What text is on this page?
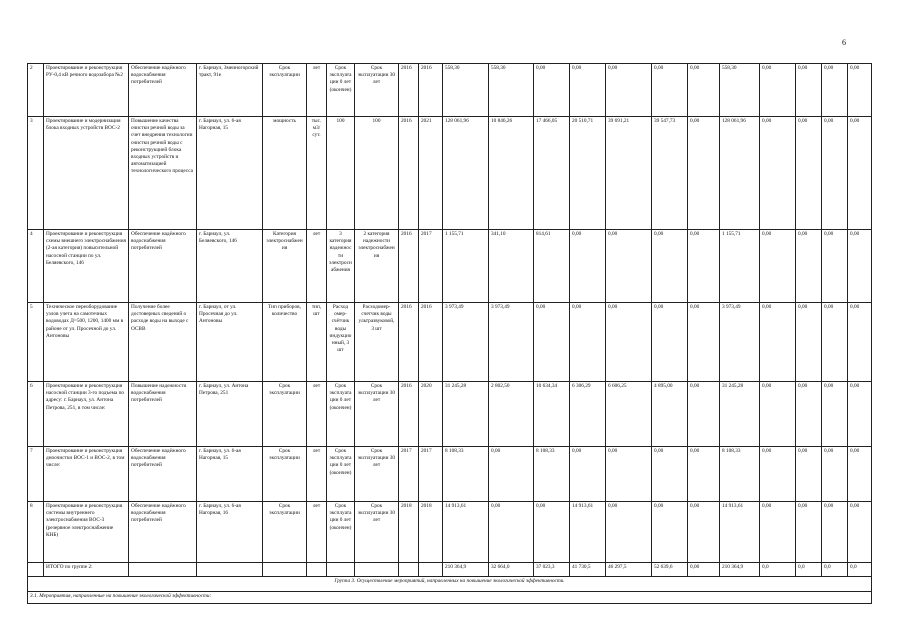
6
2	Проектирование и реконструкция РУ-0,4 кВ речного водозабора №2	Обеспечение надёжного водоснабжения потребителей	г. Барнаул, Змеиногорский тракт, 91е	Срок эксплуатации	лет	Срок эксплуатации 0 лет (окончен)	Срок эксплуатации 30 лет	2016	2016	558,30	558,30	0,00	0,00	0,00	0,00	0,00	558,30	0,00	0,00	0,00	0,00
3	Проектирование и модернизация блока входных устройств ВОС-2	Повышение качества очистки речной воды за счет внедрения технологии очистки речной воды с реконструкцией блока входных устройств и автоматизацией технологического процесса	г. Барнаул, ул. 6-ая Нагорная, 15	мощность	тыс. м3/сут.	100	100	2016	2021	128 061,96	10 846,26	17 466,05	20 510,71	39 691,21	39 547,73	0,00	128 061,96	0,00	0,00	0,00	0,00
4	Проектирование и реконструкция схемы внешнего электроснабжения (2-ая категория) повысительной насосной станции по ул. Беляевского, 146	Обеспечение надёжного водоснабжения потребителей	г. Барнаул, ул. Беляевского, 146	Категория электроснабжения	лет	3 категория надежности электроснабжения	2 категория надежности электроснабжения	2016	2017	1 155,71	341,10	814,61	0,00	0,00	0,00	0,00	1 155,71	0,00	0,00	0,00	0,00
5	Техническое переоборудование узлов учета на самотечных водоводах Д=500, 1200, 1400 мм в районе от ул. Просечной до ул. Антоновы	Получение более достоверных сведений о расходе воды на выходе с ОСВВ	г. Барнаул, от ул. Просечная до ул. Антоновы	Тип приборов, количество	тип, шт	Расход омер-счётчик воды индукционный, 3 шт	Расходомер-счетчик воды ультразвуковой, 3 шт	2016	2016	3 973,49	3 973,49	0,00	0,00	0,00	0,00	0,00	3 973,49	0,00	0,00	0,00	0,00
6	Проектирование и реконструкция насосной станции 3-го подъема по адресу: г. Барнаул, ул. Антона Петрова, 251, в том числе:	Повышение надежности водоснабжения потребителей	г. Барнаул, ул. Антона Петрова, 251	Срок эксплуатации	лет	Срок эксплуатации 0 лет (окончен)	Срок эксплуатации 30 лет	2016	2020	31 245,28	2 802,50	10 634,34	6 306,29	6 606,25	4 895,00	0,00	31 245,28	0,00	0,00	0,00	0,00
7	Проектирование и реконструкция дноочистки ВОС-1 и ВОС-2, в том числе:	Обеспечение надёжного водоснабжения потребителей	г. Барнаул, ул. 6-ая Нагорная, 15	Срок эксплуатации	лет	Срок эксплуатации 0 лет (окончен)	Срок эксплуатации 30 лет	2017	2017	8 108,33	0,00	8 108,33	0,00	0,00	0,00	0,00	8 108,33	0,00	0,00	0,00	0,00
8	Проектирование и реконструкция системы внутреннего электроснабжения ВОС-3 (резервное электроснабжение КНБ)	Обеспечение надёжного водоснабжения потребителей	г. Барнаул, ул. 6-ая Нагорная, 16	Срок эксплуатации	лет	Срок эксплуатации 0 лет (окончен)	Срок эксплуатации 30 лет	2018	2018	14 913,61	0,00	0,00	14 913,61	0,00	0,00	0,00	14 913,61	0,00	0,00	0,00	0,00
	ИТОГО по группе 2:									210 364,9	32 664,0	37 023,3	41 730,5	46 297,5	52 639,6	0,00	210 364,9	0,0	0,0	0,0	0,0
Группа 3. Осуществление мероприятий, направленных на повышение экологической эффективности.																					
3.1. Мероприятия, направленные на повышение экологической эффективности:																					
